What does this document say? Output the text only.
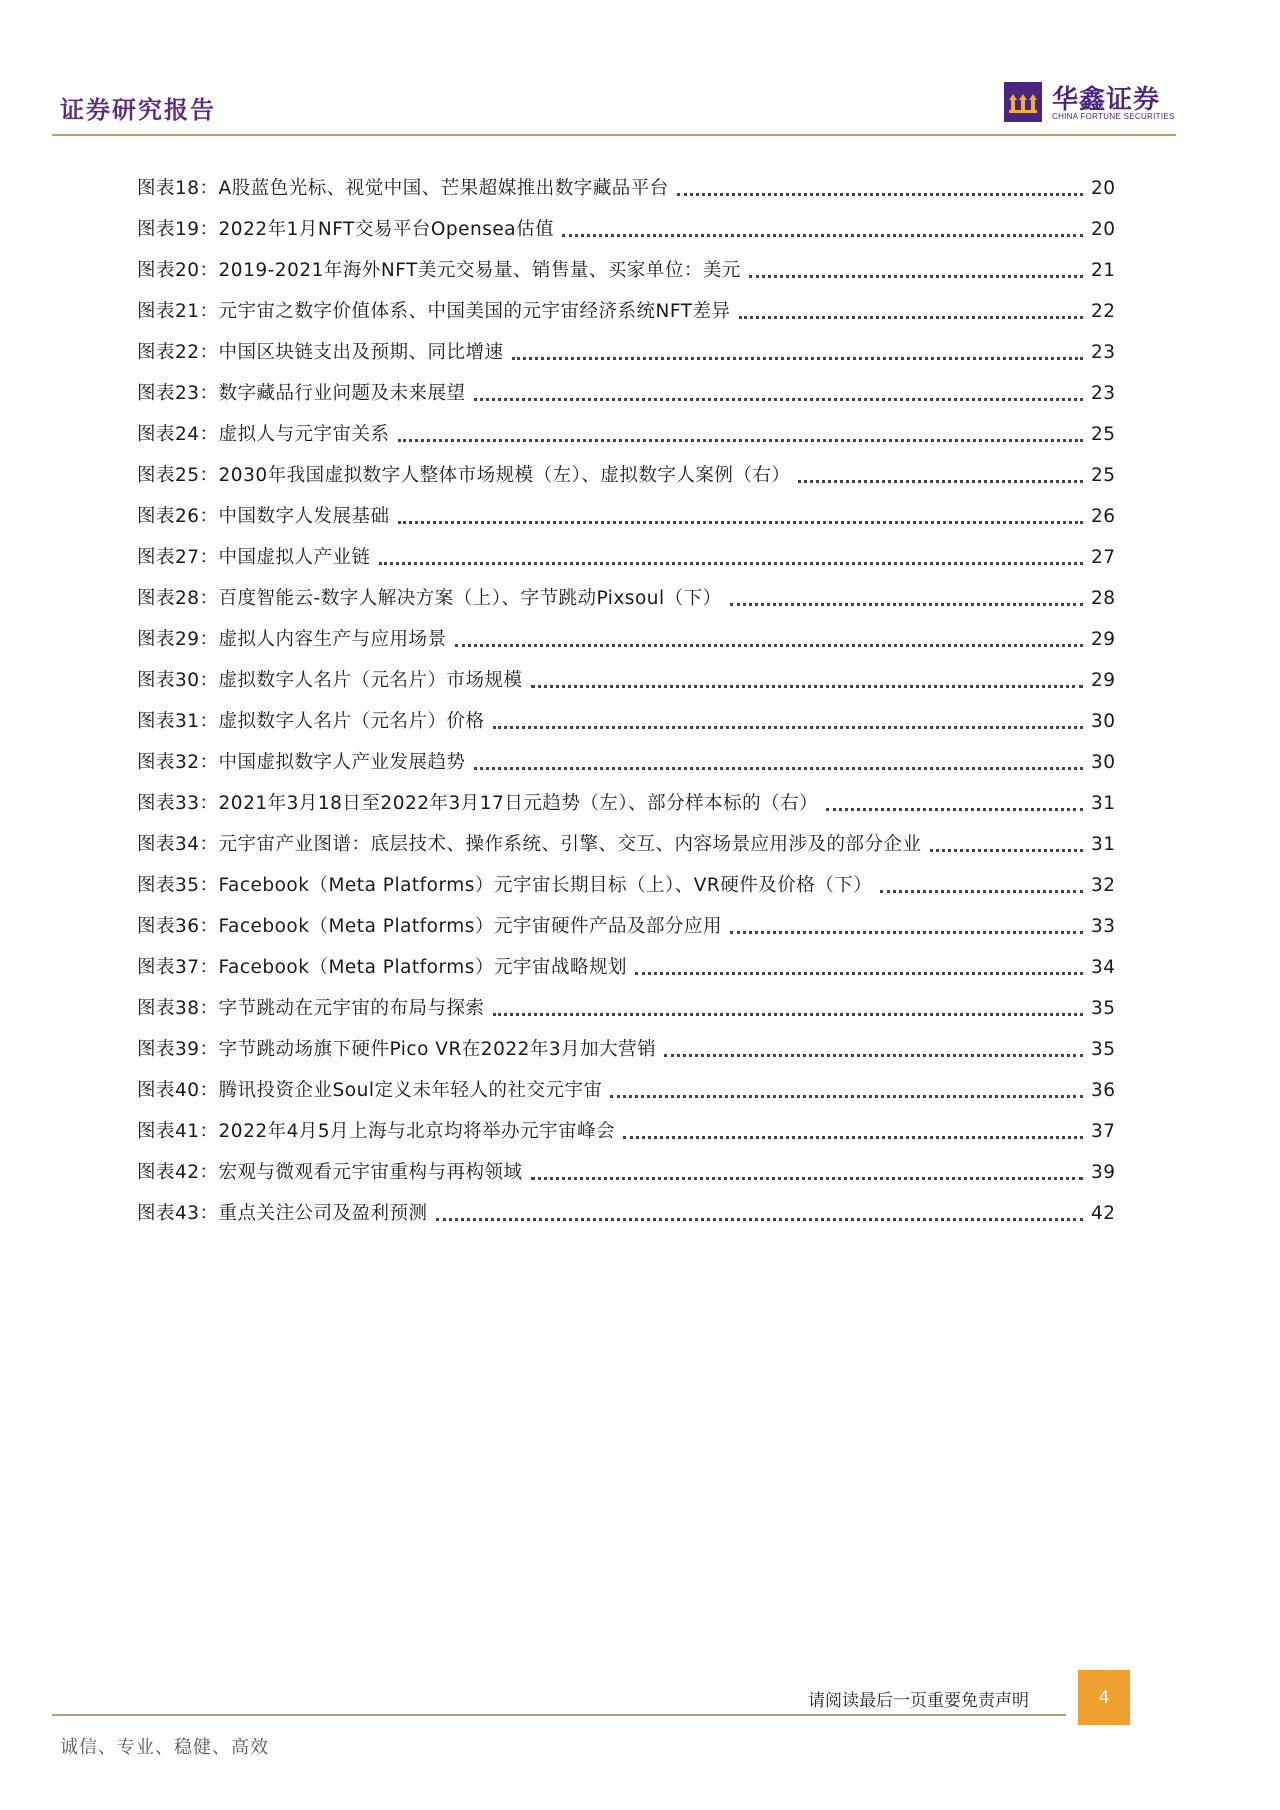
证券研究报告	华鑫证券
CHINA FORTUNE SECURITIES
图表18：A股蓝色光标、视觉中国、芒果超媒推出数字藏品平台	20
图表19：2022年1月NFT交易平台Opensea估值	20
图表20：2019-2021年海外NFT美元交易量、销售量、买家单位：美元	21
图表21：元宇宙之数字价值体系、中国美国的元宇宙经济系统NFT差异	22
图表22：中国区块链支出及预期、同比增速	23
图表23：数字藏品行业问题及未来展望	23
图表24：虚拟人与元宇宙关系	25
图表25：2030年我国虚拟数字人整体市场规模（左）、虚拟数字人案例（右）	25
图表26：中国数字人发展基础	26
图表27：中国虚拟人产业链	27
图表28：百度智能云-数字人解决方案（上）、字节跳动Pixsoul（下）	28
图表29：虚拟人内容生产与应用场景	29
图表30：虚拟数字人名片（元名片）市场规模	29
图表31：虚拟数字人名片（元名片）价格	30
图表32：中国虚拟数字人产业发展趋势	30
图表33：2021年3月18日至2022年3月17日元趋势（左）、部分样本标的（右）	31
图表34：元宇宙产业图谱：底层技术、操作系统、引擎、交互、内容场景应用涉及的部分企业	31
图表35：Facebook（Meta Platforms）元宇宙长期目标（上）、VR硬件及价格（下）	32
图表36：Facebook（Meta Platforms）元宇宙硬件产品及部分应用	33
图表37：Facebook（Meta Platforms）元宇宙战略规划	34
图表38：字节跳动在元宇宙的布局与探索	35
图表39：字节跳动场旗下硬件Pico VR在2022年3月加大营销	35
图表40：腾讯投资企业Soul定义未年轻人的社交元宇宙	36
图表41：2022年4月5月上海与北京均将举办元宇宙峰会	37
图表42：宏观与微观看元宇宙重构与再构领域	39
图表43：重点关注公司及盈利预测	42
请阅读最后一页重要免责声明	4
诚信、专业、稳健、高效
